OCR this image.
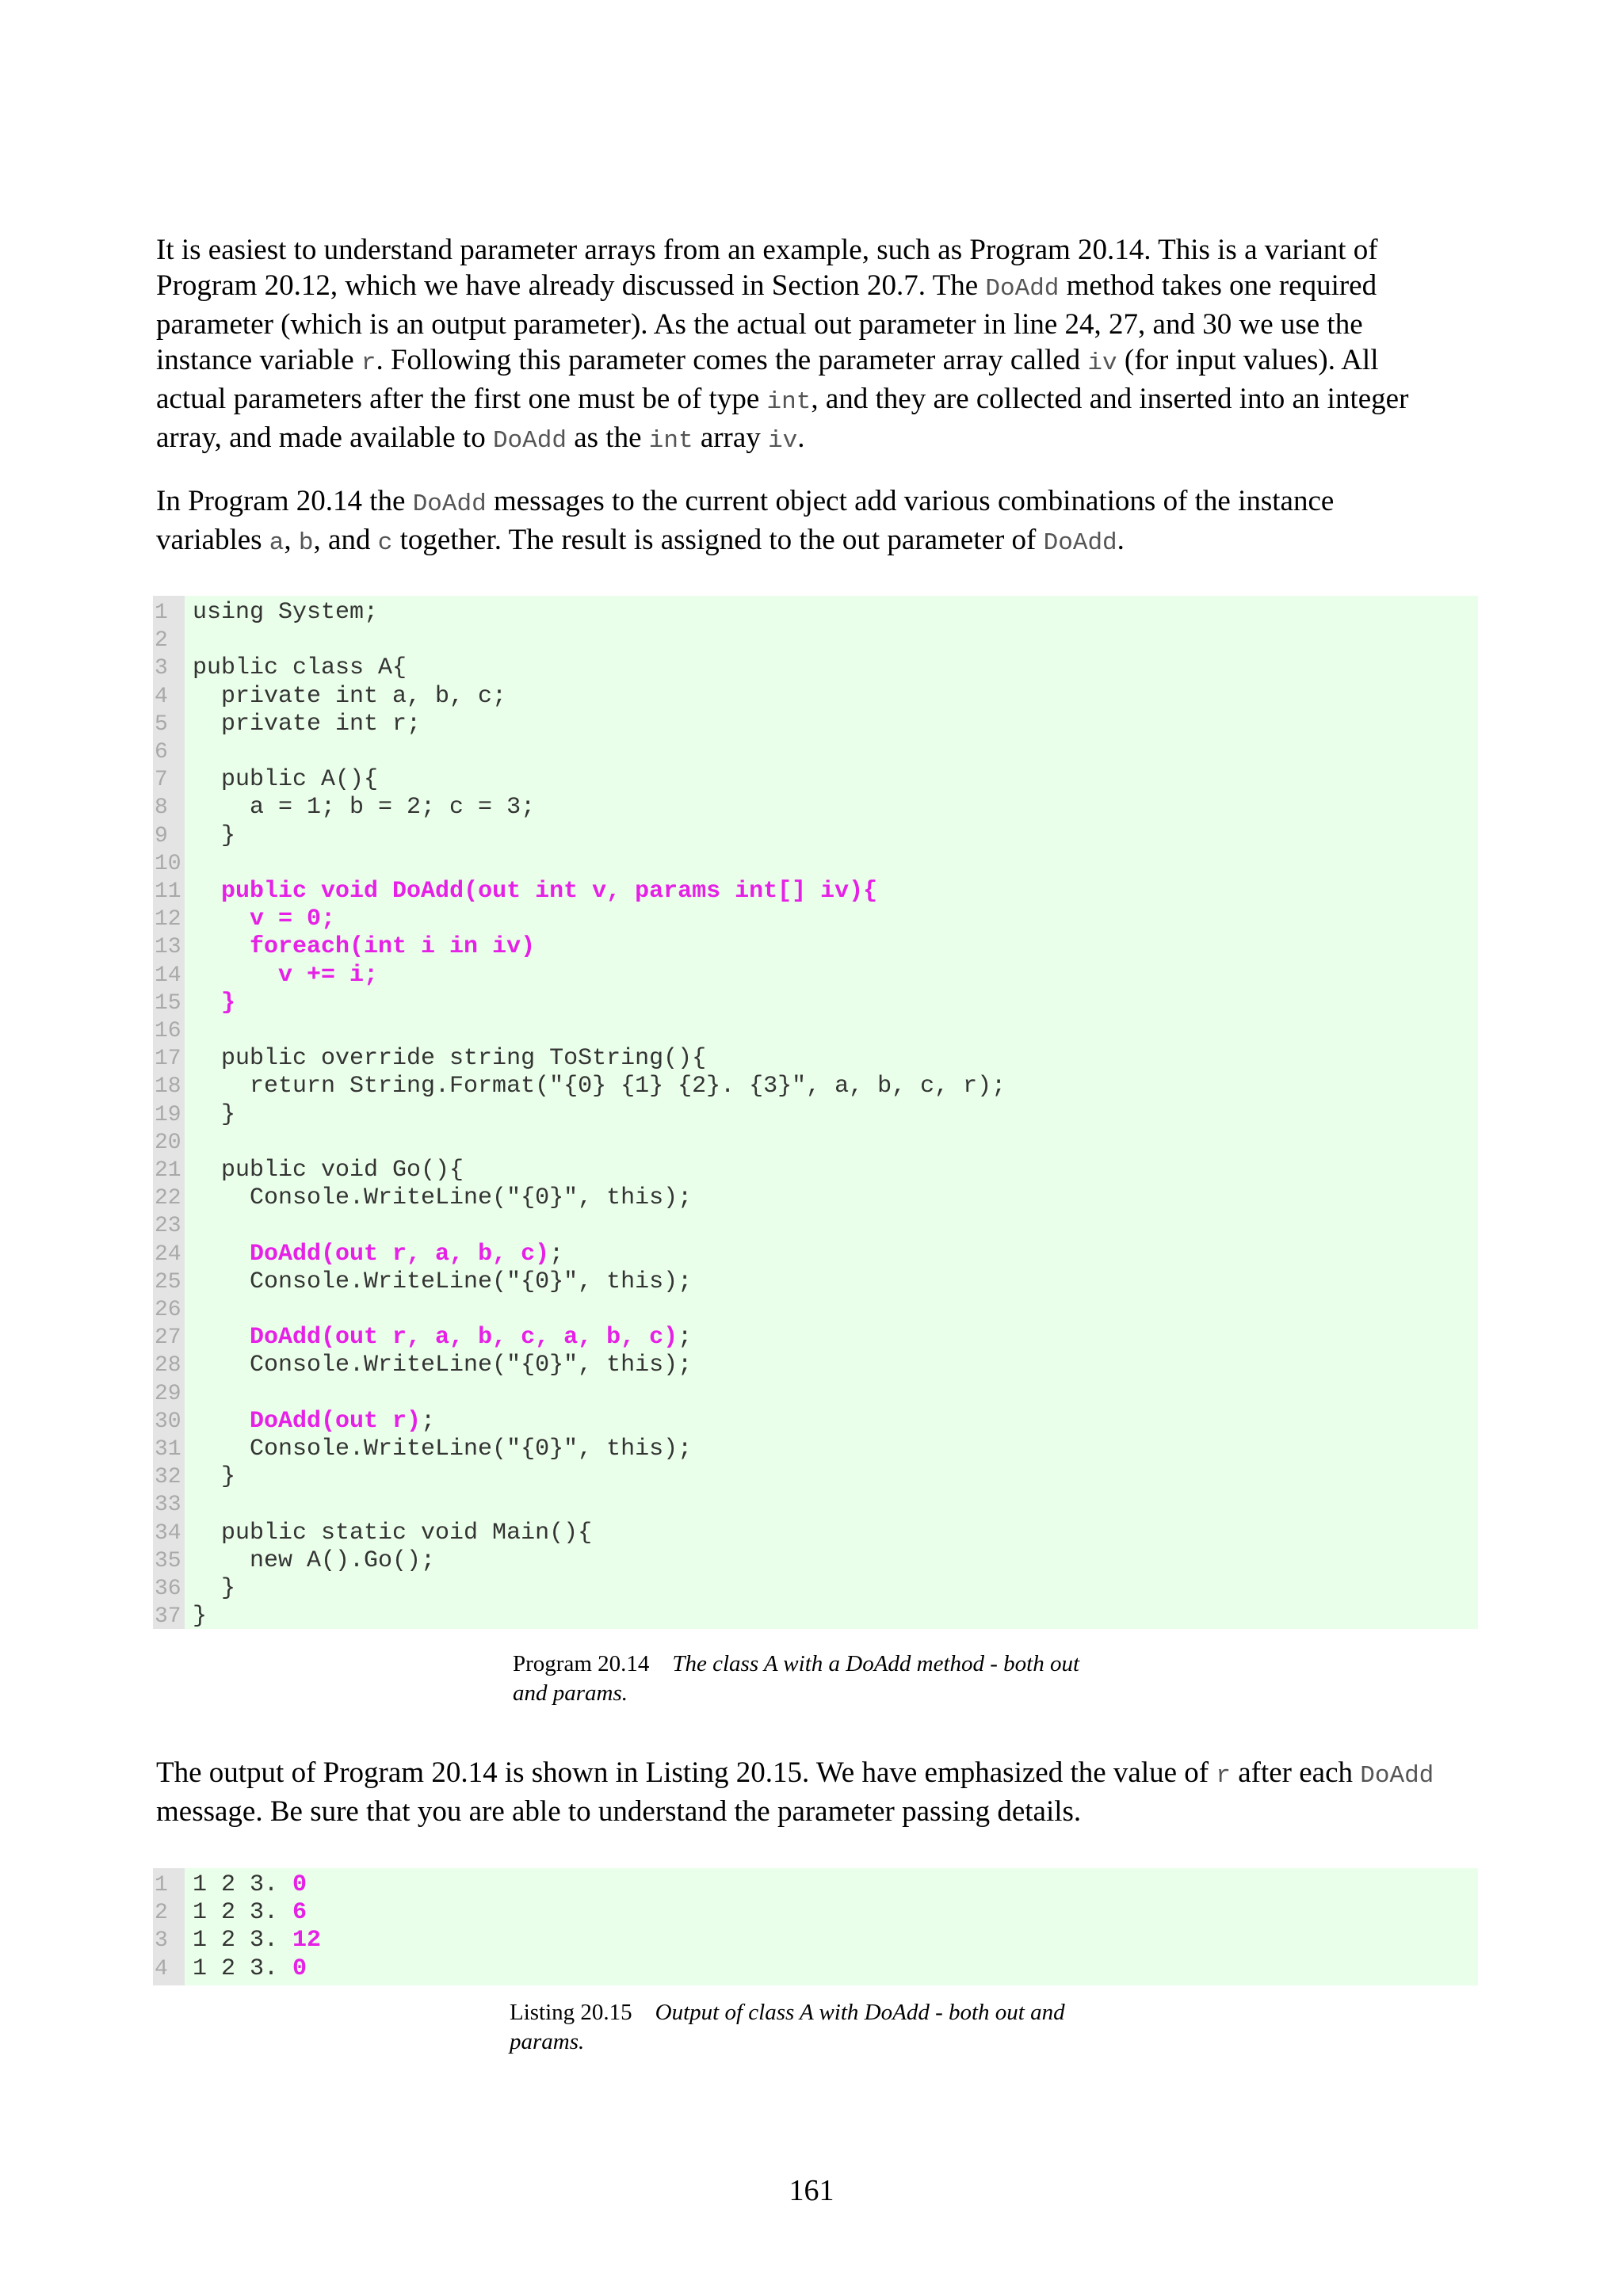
It is easiest to understand parameter arrays from an example, such as Program 20.14. This is a variant of
Program 20.12, which we have already discussed in Section 20.7. The DoAdd method takes one required
parameter (which is an output parameter). As the actual out parameter in line 24, 27, and 30 we use the
instance variable r. Following this parameter comes the parameter array called iv (for input values). All
actual parameters after the first one must be of type int, and they are collected and inserted into an integer
array, and made available to DoAdd as the int array iv.
In Program 20.14 the DoAdd messages to the current object add various combinations of the instance
variables a, b, and c together. The result is assigned to the out parameter of DoAdd.
1	using System;
2
3	public class A{
4	private int a, b, c;
5	private int r;
6
7	public A(){
8	a = 1; b = 2; c = 3;
9	}
10
11	public void DoAdd(out int v, params int[] iv){
12	v = 0;
13	foreach(int i in iv)
14	v += i;
15	}
16
17 public override string ToString(){
18 return String.Format("{0} {1} {2}. {3}", a, b, c, r);
19 }
20
21 public void Go(){
22 Console.WriteLine("{0}", this);
23
24	DoAdd(out r, a, b, c);
25 Console.WriteLine("{0}", this);
26
27	DoAdd(out r, a, b, c, a, b, c);
28 Console.WriteLine("{0}", this);
29
30	DoAdd(out r);
31 Console.WriteLine("{0}", this);
32 }
33
34 public static void Main(){
35 new A().Go();
36 }
37 }
Program 20.14 The class A with a DoAdd method - both out
and params.
The output of Program 20.14 is shown in Listing 20.15. We have emphasized the value of r after each DoAdd
message. Be sure that you are able to understand the parameter passing details.
1	1 2 3. 0
2	1 2 3. 6
3	1 2 3. 12
4	1 2 3. 0
Listing 20.15 Output of class A with DoAdd - both out and
params.
161
